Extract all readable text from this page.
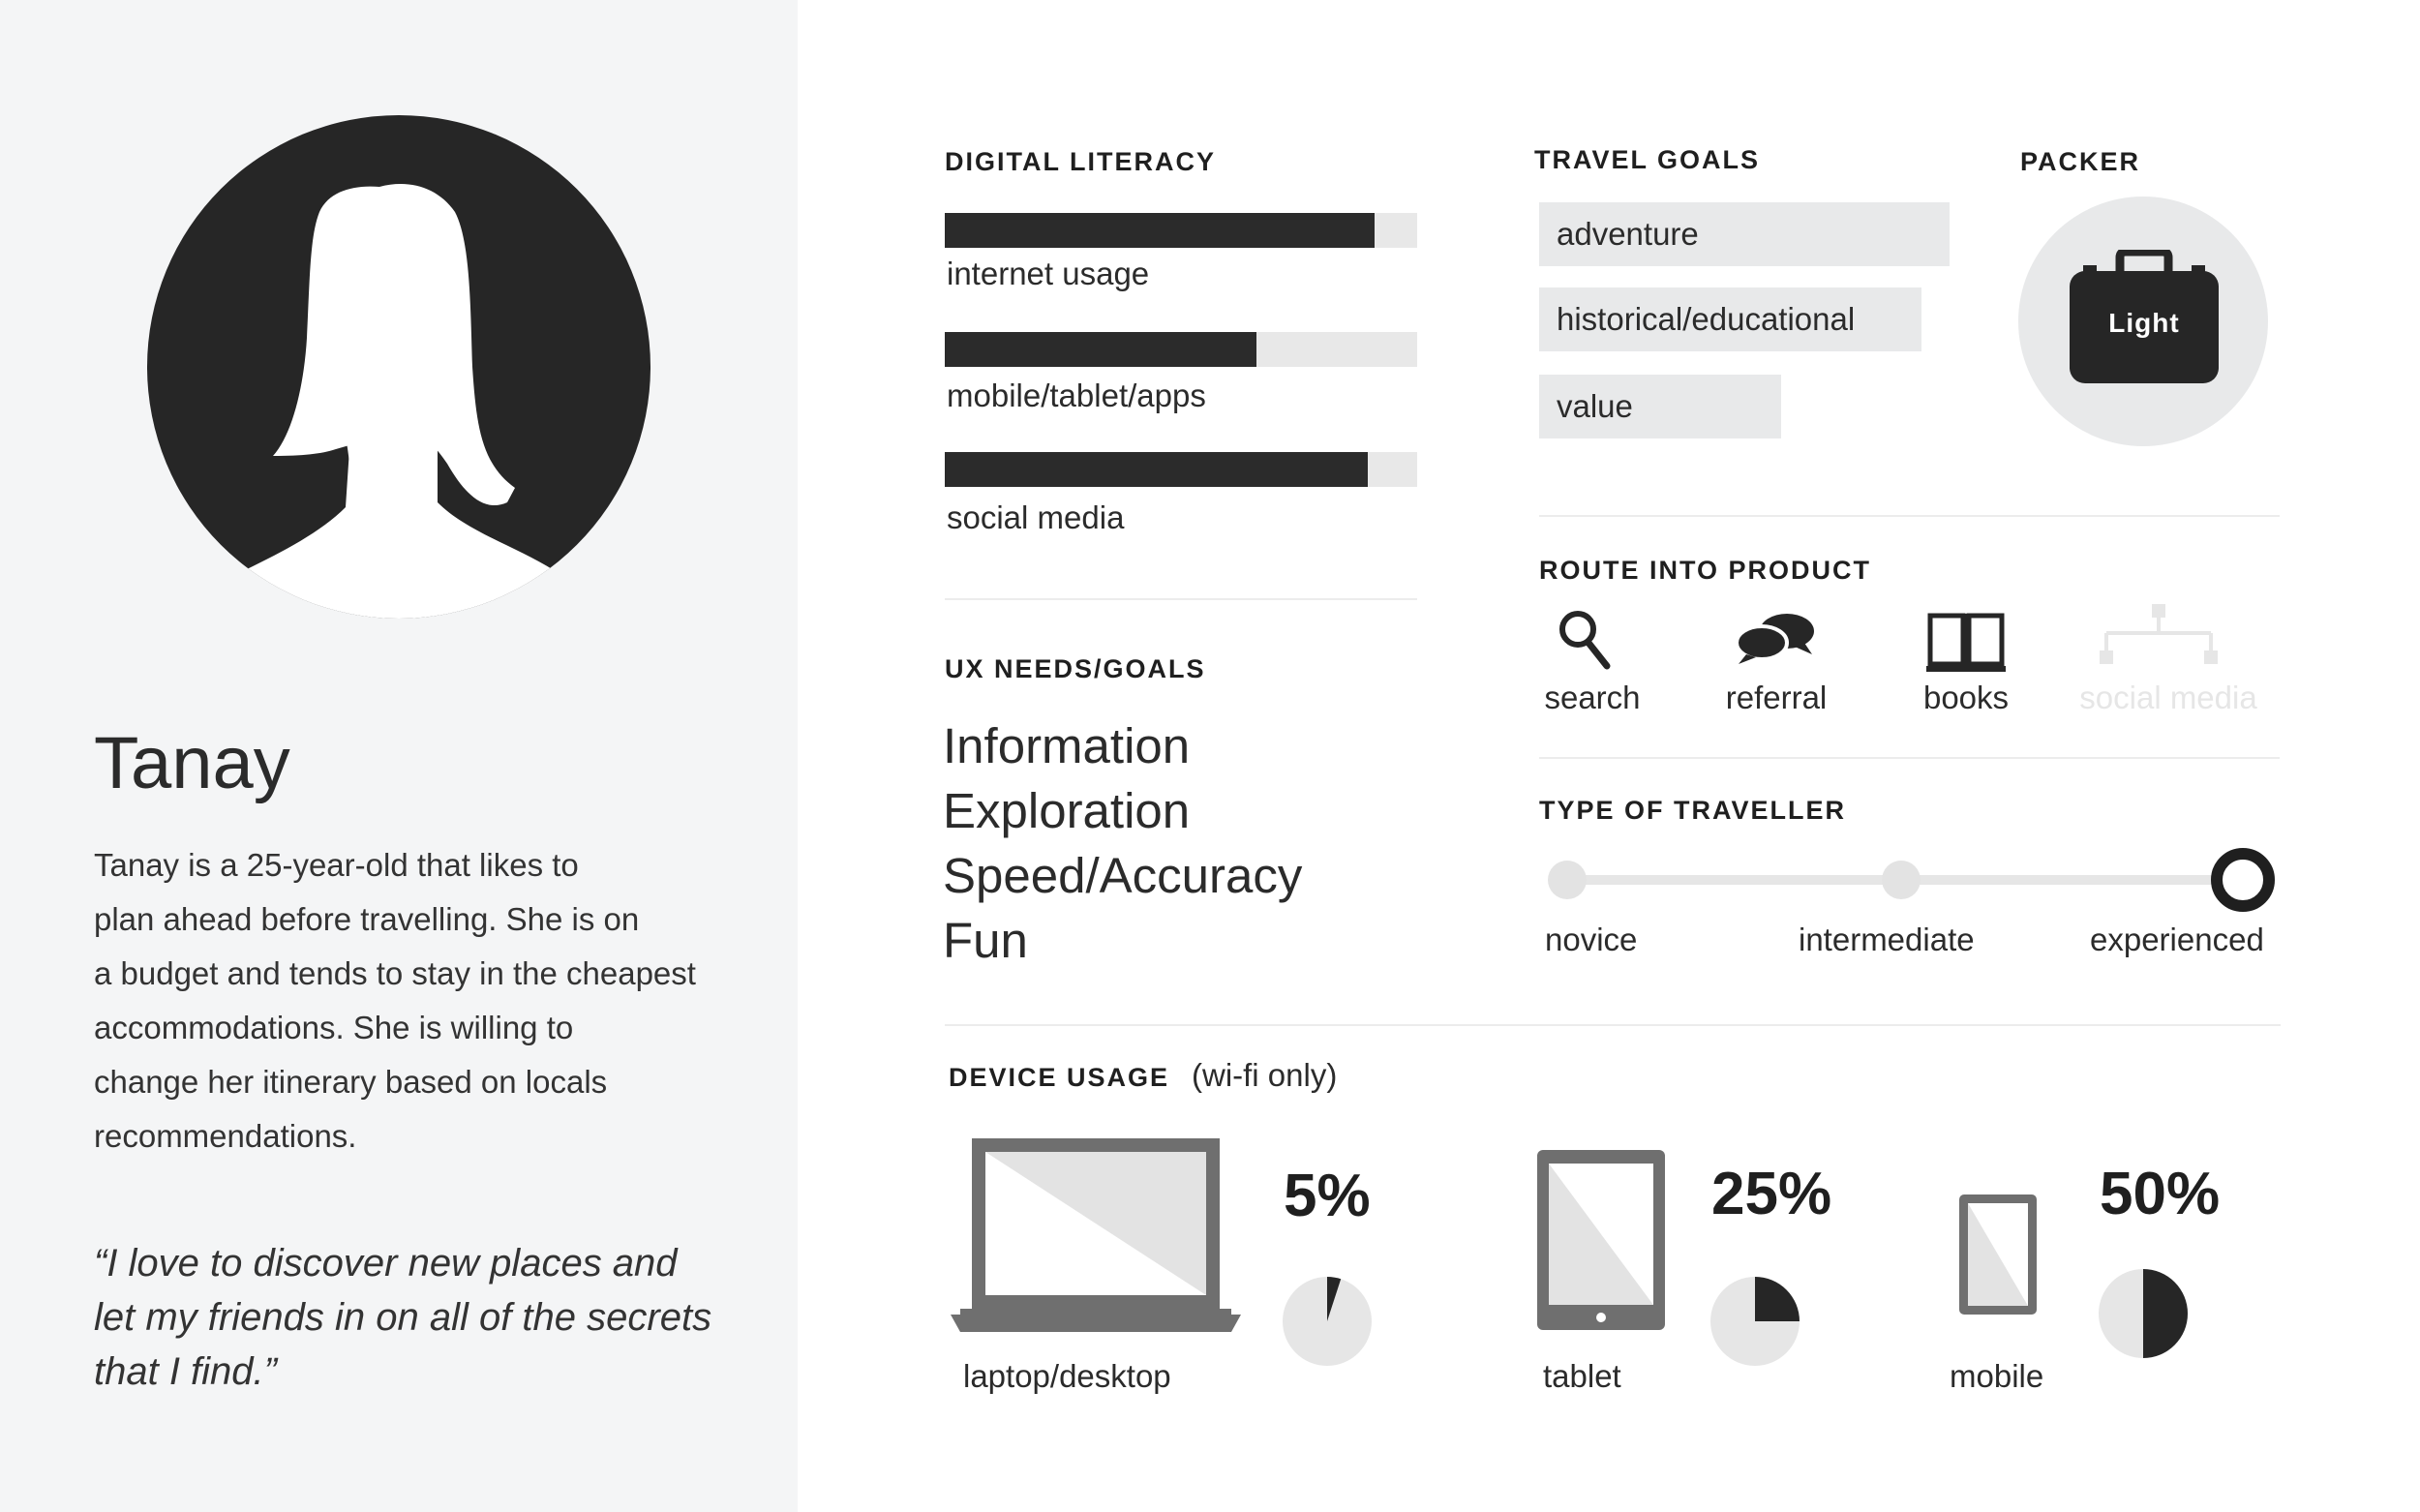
Tanay
Tanay is a 25-year-old that likes to
plan ahead before travelling. She is on
a budget and tends to stay in the cheapest
accommodations. She is willing to
change her itinerary based on locals
recommendations.
“I love to discover new places and
let my friends in on all of the secrets
that I find.”
DIGITAL LITERACY
internet usage
mobile/tablet/apps
social media
UX NEEDS/GOALS
Information
Exploration
Speed/Accuracy
Fun
TRAVEL GOALS
adventure
historical/educational
value
PACKER
Light
ROUTE INTO PRODUCT
search	referral	books	social media
TYPE OF TRAVELLER
novice	intermediate	experienced
DEVICE USAGE (wi-fi only)
laptop/desktop
5%
tablet
25%
mobile
50%
